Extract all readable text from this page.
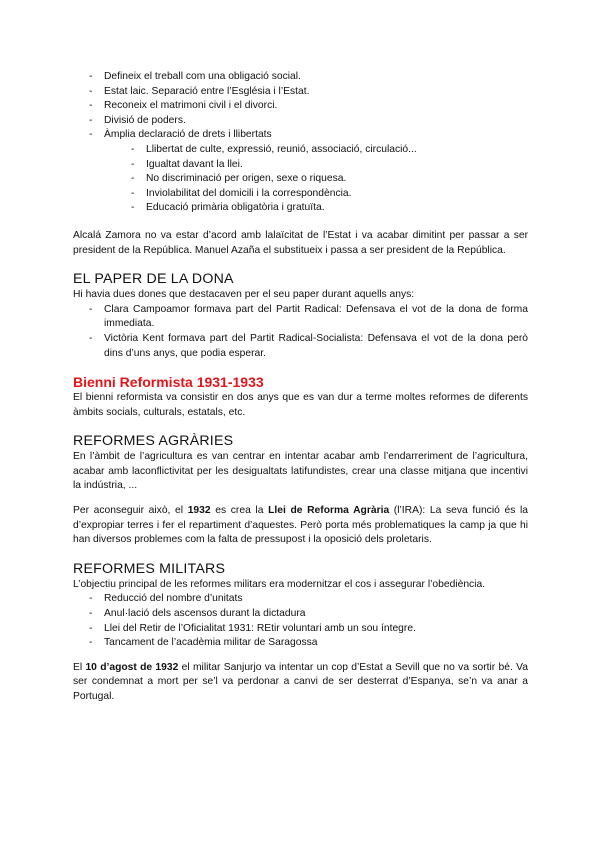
- Defineix el treball com una obligació social.
- Estat laic. Separació entre l’Església i l’Estat.
- Reconeix el matrimoni civil i el divorci.
- Divisió de poders.
- Àmplia declaració de drets i llibertats
- Llibertat de culte, expressió, reunió, associació, circulació...
- Igualtat davant la llei.
- No discriminació per origen, sexe o riquesa.
- Inviolabilitat del domicili i la correspondència.
- Educació primària obligatòria i gratuïta.

Alcalá Zamora no va estar d’acord amb lalaïcitat de l’Estat i va acabar dimitint per passar a ser president de la República. Manuel Azaña el substitueix i passa a ser president de la República.

EL PAPER DE LA DONA

Hi havia dues dones que destacaven per el seu paper durant aquells anys:

- Clara Campoamor formava part del Partit Radical: Defensava el vot de la dona de forma immediata.
- Victòria Kent formava part del Partit Radical-Socialista: Defensava el vot de la dona però dins d’uns anys, que podia esperar.
Bienni Reformista 1931-1933

El bienni reformista va consistir en dos anys que es van dur a terme moltes reformes de diferents àmbits socials, culturals, estatals, etc.

REFORMES AGRÀRIES

En l’àmbit de l’agricultura es van centrar en intentar acabar amb l’endarreriment de l’agricultura, acabar amb laconflictivitat per les desigualtats latifundistes, crear una classe mitjana que incentivi la indústria, ...

Per aconseguir això, el 1932 es crea la Llei de Reforma Agrària (l’IRA): La seva funció és la d’expropiar terres i fer el repartiment d’aquestes. Però porta més problematiques la camp ja que hi han diversos problemes com la falta de pressupost i la oposició dels proletaris.

REFORMES MILITARS

L’objectiu principal de les reformes militars era modernitzar el cos i assegurar l’obediència.

- Reducció del nombre d’unitats
- Anul·lació dels ascensos durant la dictadura
- Llei del Retir de l’Oficialitat 1931: REtir voluntari amb un sou íntegre.
- Tancament de l’acadèmia militar de Saragossa

El 10 d’agost de 1932 el militar Sanjurjo va intentar un cop d’Estat a Sevill que no va sortir bé. Va ser condemnat a mort per se’l va perdonar a canvi de ser desterrat d’Espanya, se’n va anar a Portugal.
